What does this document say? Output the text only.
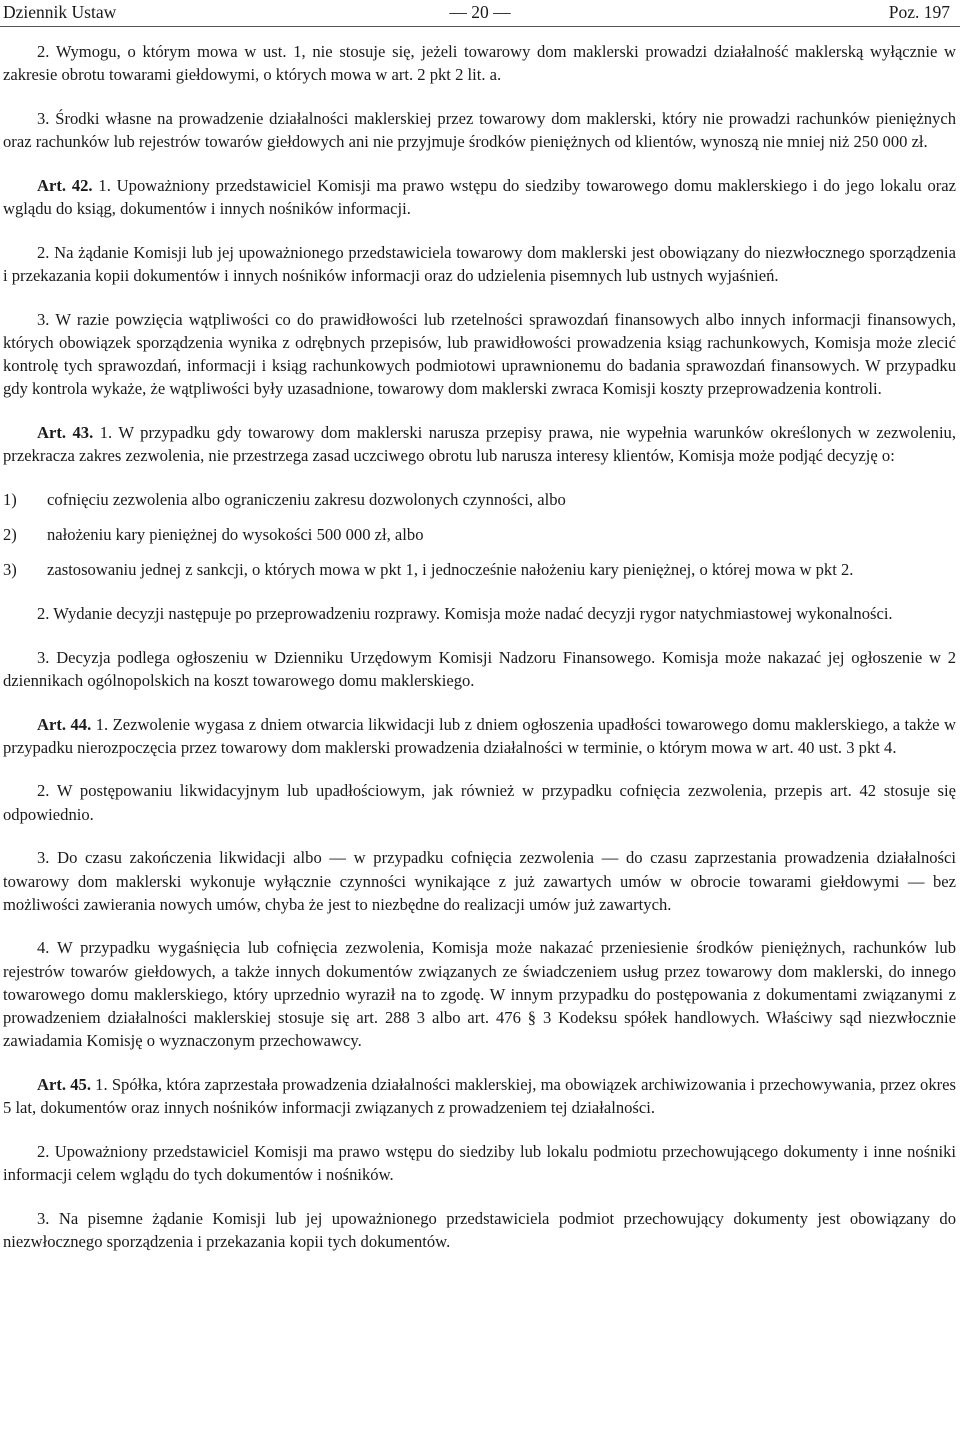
— 20 —
Dziennik Ustaw	Poz. 197

2. Wymogu, o którym mowa w ust. 1, nie stosuje się, jeżeli towarowy dom maklerski prowadzi działalność maklerską wyłącznie w zakresie obrotu towarami giełdowymi, o których mowa w art. 2 pkt 2 lit. a.

3. Środki własne na prowadzenie działalności maklerskiej przez towarowy dom maklerski, który nie prowadzi rachunków pieniężnych oraz rachunków lub rejestrów towarów giełdowych ani nie przyjmuje środków pieniężnych od klientów, wynoszą nie mniej niż 250 000 zł.

Art. 42. 1. Upoważniony przedstawiciel Komisji ma prawo wstępu do siedziby towarowego domu maklerskiego i do jego lokalu oraz wglądu do ksiąg, dokumentów i innych nośników informacji.

2. Na żądanie Komisji lub jej upoważnionego przedstawiciela towarowy dom maklerski jest obowiązany do niezwłocznego sporządzenia i przekazania kopii dokumentów i innych nośników informacji oraz do udzielenia pisemnych lub ustnych wyjaśnień.

3. W razie powzięcia wątpliwości co do prawidłowości lub rzetelności sprawozdań finansowych albo innych informacji finansowych, których obowiązek sporządzenia wynika z odrębnych przepisów, lub prawidłowości prowadzenia ksiąg rachunkowych, Komisja może zlecić kontrolę tych sprawozdań, informacji i ksiąg rachunkowych podmiotowi uprawnionemu do badania sprawozdań finansowych. W przypadku gdy kontrola wykaże, że wątpliwości były uzasadnione, towarowy dom maklerski zwraca Komisji koszty przeprowadzenia kontroli.

Art. 43. 1. W przypadku gdy towarowy dom maklerski narusza przepisy prawa, nie wypełnia warunków określonych w zezwoleniu, przekracza zakres zezwolenia, nie przestrzega zasad uczciwego obrotu lub narusza interesy klientów, Komisja może podjąć decyzję o:

1)	cofnięciu zezwolenia albo ograniczeniu zakresu dozwolonych czynności, albo
2)	nałożeniu kary pieniężnej do wysokości 500 000 zł, albo
3)	zastosowaniu jednej z sankcji, o których mowa w pkt 1, i jednocześnie nałożeniu kary pieniężnej, o której mowa w pkt 2.

2. Wydanie decyzji następuje po przeprowadzeniu rozprawy. Komisja może nadać decyzji rygor natychmiastowej wykonalności.

3. Decyzja podlega ogłoszeniu w Dzienniku Urzędowym Komisji Nadzoru Finansowego. Komisja może nakazać jej ogłoszenie w 2 dziennikach ogólnopolskich na koszt towarowego domu maklerskiego.

Art. 44. 1. Zezwolenie wygasa z dniem otwarcia likwidacji lub z dniem ogłoszenia upadłości towarowego domu maklerskiego, a także w przypadku nierozpoczęcia przez towarowy dom maklerski prowadzenia działalności w terminie, o którym mowa w art. 40 ust. 3 pkt 4.

2. W postępowaniu likwidacyjnym lub upadłościowym, jak również w przypadku cofnięcia zezwolenia, przepis art. 42 stosuje się odpowiednio.

3. Do czasu zakończenia likwidacji albo — w przypadku cofnięcia zezwolenia — do czasu zaprzestania prowadzenia działalności towarowy dom maklerski wykonuje wyłącznie czynności wynikające z już zawartych umów w obrocie towarami giełdowymi — bez możliwości zawierania nowych umów, chyba że jest to niezbędne do realizacji umów już zawartych.

4. W przypadku wygaśnięcia lub cofnięcia zezwolenia, Komisja może nakazać przeniesienie środków pieniężnych, rachunków lub rejestrów towarów giełdowych, a także innych dokumentów związanych ze świadczeniem usług przez towarowy dom maklerski, do innego towarowego domu maklerskiego, który uprzednio wyraził na to zgodę. W innym przypadku do postępowania z dokumentami związanymi z prowadzeniem działalności maklerskiej stosuje się art. 288 3 albo art. 476 § 3 Kodeksu spółek handlowych. Właściwy sąd niezwłocznie zawiadamia Komisję o wyznaczonym przechowawcy.

Art. 45. 1. Spółka, która zaprzestała prowadzenia działalności maklerskiej, ma obowiązek archiwizowania i przechowywania, przez okres 5 lat, dokumentów oraz innych nośników informacji związanych z prowadzeniem tej działalności.

2. Upoważniony przedstawiciel Komisji ma prawo wstępu do siedziby lub lokalu podmiotu przechowującego dokumenty i inne nośniki informacji celem wglądu do tych dokumentów i nośników.

3. Na pisemne żądanie Komisji lub jej upoważnionego przedstawiciela podmiot przechowujący dokumenty jest obowiązany do niezwłocznego sporządzenia i przekazania kopii tych dokumentów.
